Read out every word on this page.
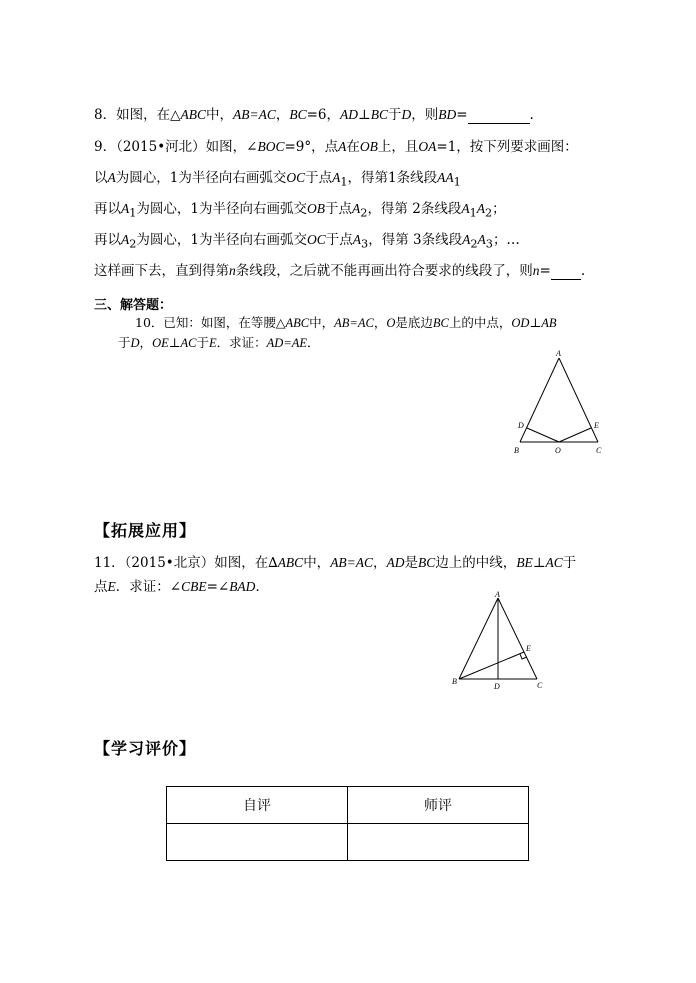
8．如图，在△ABC中，AB=AC，BC=6，AD⊥BC于D，则BD=	.
9．（2015•河北）如图，∠BOC=9°，点A在OB上，且OA=1，按下列要求画图：
以A为圆心，1为半径向右画弧交OC于点$A_1$，得第1条线段$AA_1$
再以$A_1$为圆心，1为半径向右画弧交OB于点$A_2$，得第 2条线段$A_1A_2$；
再以$A_2$为圆心，1为半径向右画弧交OC于点$A_3$，得第 3条线段$A_2A_3$；…
这样画下去，直到得第n条线段，之后就不能再画出符合要求的线段了，则n= .
三、解答题：
10．已知：如图，在等腰△ABC中，AB=AC，O是底边BC上的中点，OD⊥AB
于D，OE⊥AC于E．求证：AD=AE．
A
B	C
D	E
O
【拓展应用】
11．（2015•北京）如图，在∆ABC中，AB=AC，AD是BC边上的中线，BE⊥AC于
点E．求证：∠CBE=∠BAD．	A
B	C
D
E
【学习评价】
自评	师评
